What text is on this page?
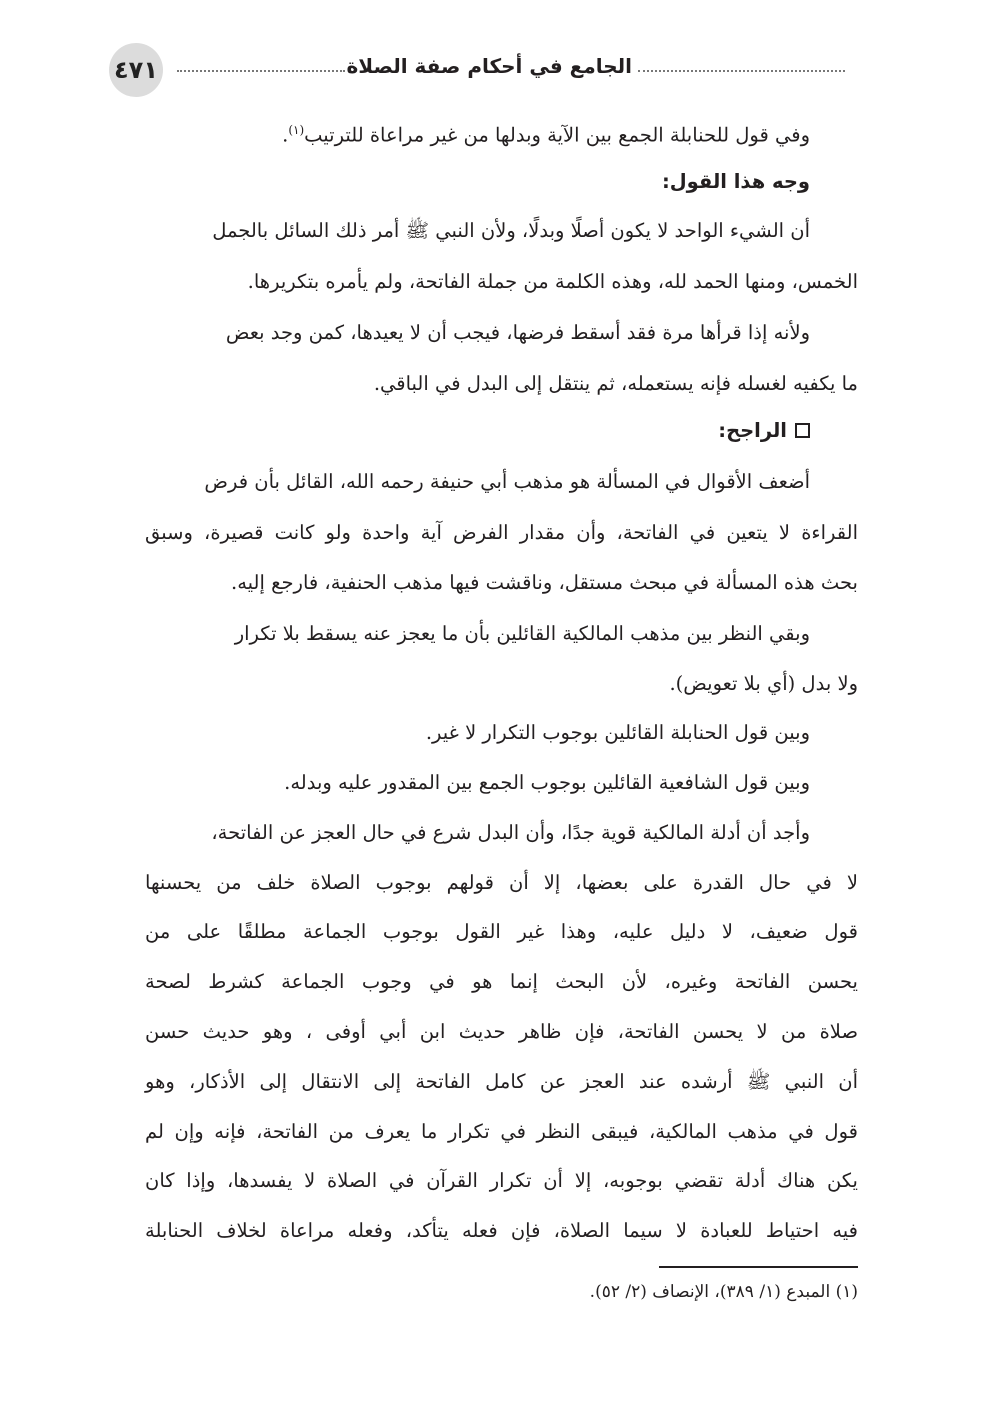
٤٧١	الجامع في أحكام صفة الصلاة
وفي قول للحنابلة الجمع بين الآية وبدلها من غير مراعاة للترتيب$^{(١)}$.
وجه هذا القول:
أن الشيء الواحد لا يكون أصلًا وبدلًا، ولأن النبي ﷺ أمر ذلك السائل بالجمل
الخمس، ومنها الحمد لله، وهذه الكلمة من جملة الفاتحة، ولم يأمره بتكريرها.
ولأنه إذا قرأها مرة فقد أسقط فرضها، فيجب أن لا يعيدها، كمن وجد بعض
ما يكفيه لغسله فإنه يستعمله، ثم ينتقل إلى البدل في الباقي.
الراجح:
أضعف الأقوال في المسألة هو مذهب أبي حنيفة رحمه الله، القائل بأن فرض
القراءة لا يتعين في الفاتحة، وأن مقدار الفرض آية واحدة ولو كانت قصيرة، وسبق
بحث هذه المسألة في مبحث مستقل، وناقشت فيها مذهب الحنفية، فارجع إليه.
وبقي النظر بين مذهب المالكية القائلين بأن ما يعجز عنه يسقط بلا تكرار
ولا بدل (أي بلا تعويض).
وبين قول الحنابلة القائلين بوجوب التكرار لا غير.
وبين قول الشافعية القائلين بوجوب الجمع بين المقدور عليه وبدله.
وأجد أن أدلة المالكية قوية جدًا، وأن البدل شرع في حال العجز عن الفاتحة،
لا في حال القدرة على بعضها، إلا أن قولهم بوجوب الصلاة خلف من يحسنها
قول ضعيف، لا دليل عليه، وهذا غير القول بوجوب الجماعة مطلقًا على من
يحسن الفاتحة وغيره، لأن البحث إنما هو في وجوب الجماعة كشرط لصحة
صلاة من لا يحسن الفاتحة، فإن ظاهر حديث ابن أبي أوفى ، وهو حديث حسن
أن النبي ﷺ أرشده عند العجز عن كامل الفاتحة إلى الانتقال إلى الأذكار، وهو
قول في مذهب المالكية، فيبقى النظر في تكرار ما يعرف من الفاتحة، فإنه وإن لم
يكن هناك أدلة تقضي بوجوبه، إلا أن تكرار القرآن في الصلاة لا يفسدها، وإذا كان
فيه احتياط للعبادة لا سيما الصلاة، فإن فعله يتأكد، وفعله مراعاة لخلاف الحنابلة
(١) المبدع (١/ ٣٨٩)، الإنصاف (٢/ ٥٢).
